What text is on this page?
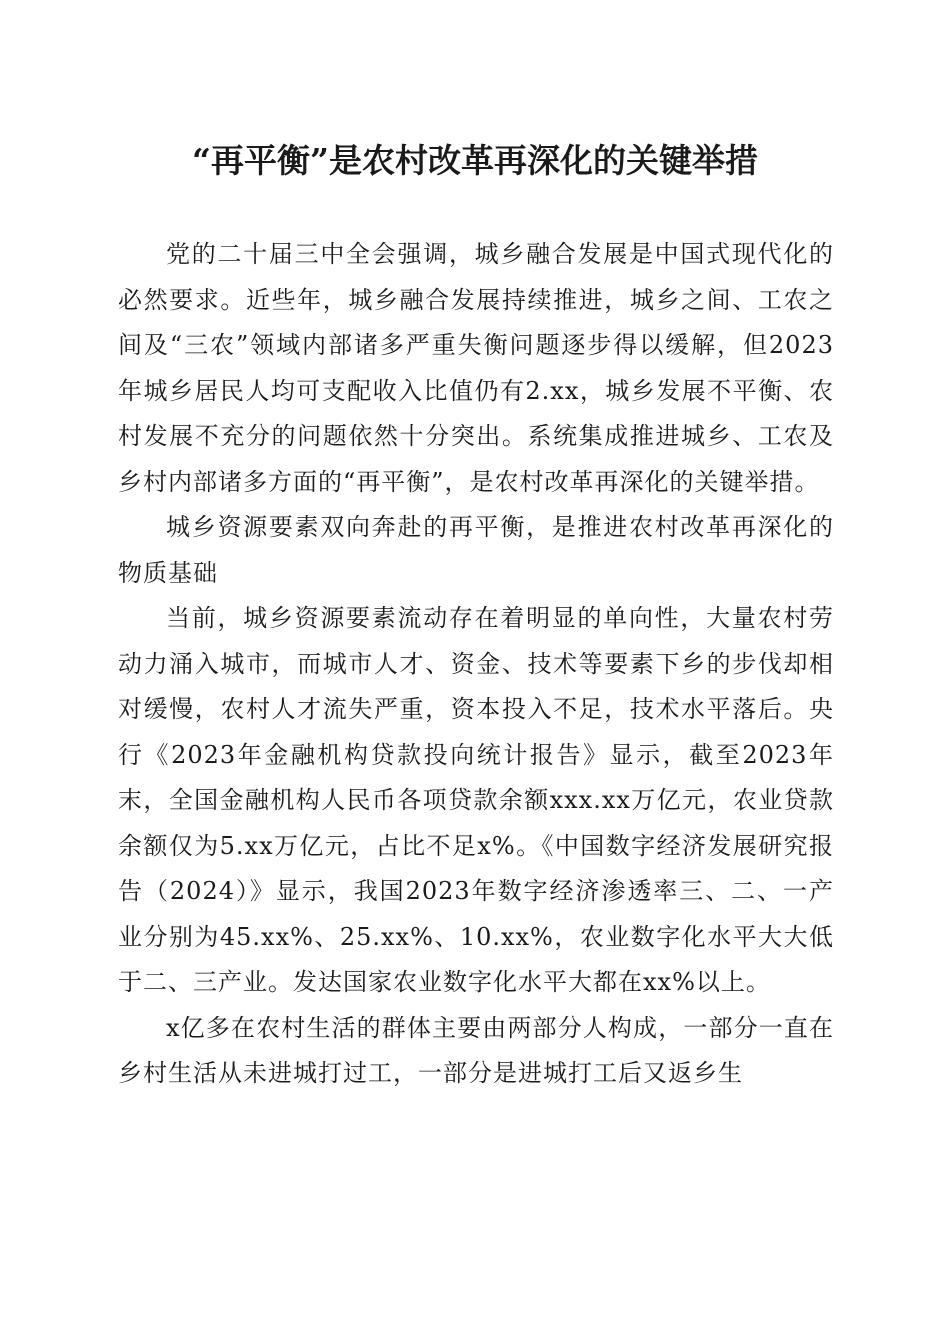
“再平衡”是农村改革再深化的关键举措

党的二十届三中全会强调，城乡融合发展是中国式现代化的必然要求。近些年，城乡融合发展持续推进，城乡之间、工农之间及“三农”领域内部诸多严重失衡问题逐步得以缓解，但2023年城乡居民人均可支配收入比值仍有2.xx，城乡发展不平衡、农村发展不充分的问题依然十分突出。系统集成推进城乡、工农及乡村内部诸多方面的“再平衡”，是农村改革再深化的关键举措。

城乡资源要素双向奔赴的再平衡，是推进农村改革再深化的物质基础

当前，城乡资源要素流动存在着明显的单向性，大量农村劳动力涌入城市，而城市人才、资金、技术等要素下乡的步伐却相对缓慢，农村人才流失严重，资本投入不足，技术水平落后。央行《2023年金融机构贷款投向统计报告》显示，截至2023年末，全国金融机构人民币各项贷款余额xxx.xx万亿元，农业贷款余额仅为5.xx万亿元，占比不足x%。《中国数字经济发展研究报告（2024）》显示，我国2023年数字经济渗透率三、二、一产业分别为45.xx%、25.xx%、10.xx%，农业数字化水平大大低于二、三产业。发达国家农业数字化水平大都在xx%以上。

x亿多在农村生活的群体主要由两部分人构成，一部分一直在乡村生活从未进城打过工，一部分是进城打工后又返乡生
